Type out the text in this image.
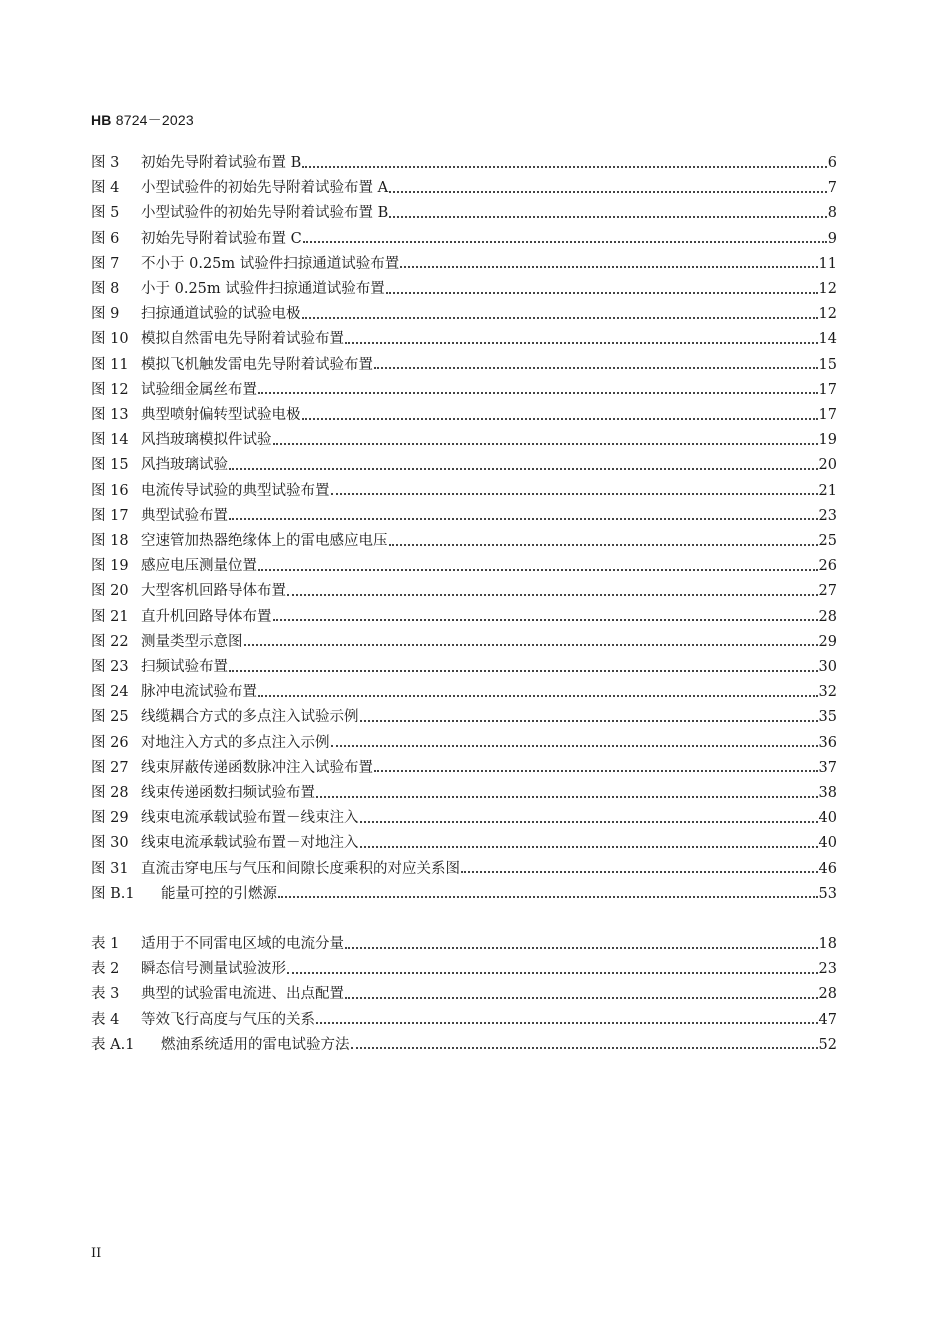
HB 8724－2023
图 3	初始先导附着试验布置 B	6
图 4	小型试验件的初始先导附着试验布置 A	7
图 5	小型试验件的初始先导附着试验布置 B	8
图 6	初始先导附着试验布置 C	9
图 7	不小于 0.25m 试验件扫掠通道试验布置	11
图 8	小于 0.25m 试验件扫掠通道试验布置	12
图 9	扫掠通道试验的试验电极	12
图 10 模拟自然雷电先导附着试验布置	14
图 11 模拟飞机触发雷电先导附着试验布置	15
图 12 试验细金属丝布置	17
图 13 典型喷射偏转型试验电极	17
图 14 风挡玻璃模拟件试验	19
图 15 风挡玻璃试验	20
图 16 电流传导试验的典型试验布置	21
图 17 典型试验布置	23
图 18 空速管加热器绝缘体上的雷电感应电压	25
图 19 感应电压测量位置	26
图 20 大型客机回路导体布置	27
图 21 直升机回路导体布置	28
图 22 测量类型示意图	29
图 23 扫频试验布置	30
图 24 脉冲电流试验布置	32
图 25 线缆耦合方式的多点注入试验示例	35
图 26 对地注入方式的多点注入示例	36
图 27 线束屏蔽传递函数脉冲注入试验布置	37
图 28 线束传递函数扫频试验布置	38
图 29 线束电流承载试验布置－线束注入	40
图 30 线束电流承载试验布置－对地注入	40
图 31 直流击穿电压与气压和间隙长度乘积的对应关系图	46
图 B.1	能量可控的引燃源	53
表 1	适用于不同雷电区域的电流分量	18
表 2	瞬态信号测量试验波形	23
表 3	典型的试验雷电流进、出点配置	28
表 4	等效飞行高度与气压的关系	47
表 A.1	燃油系统适用的雷电试验方法	52
II
